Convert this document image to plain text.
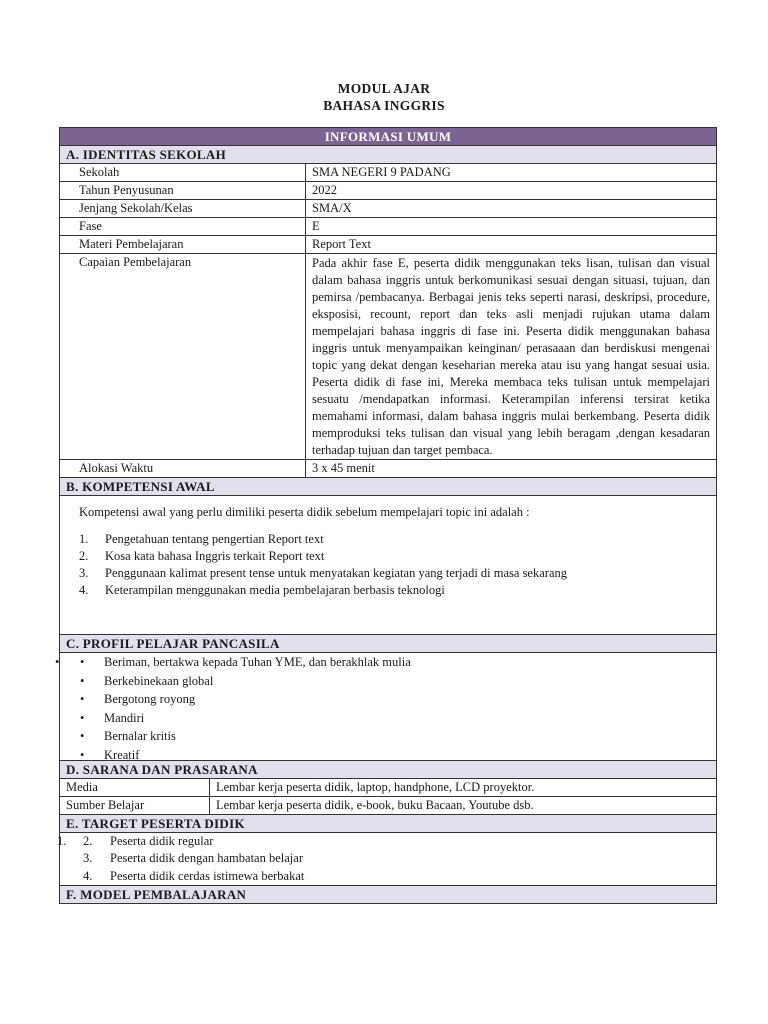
MODUL AJAR
BAHASA INGGRIS
INFORMASI UMUM
A. IDENTITAS SEKOLAH
Sekolah	SMA NEGERI 9 PADANG
Tahun Penyusunan	2022
Jenjang Sekolah/Kelas	SMA/X
Fase	E
Materi Pembelajaran	Report Text
Capaian Pembelajaran	Pada akhir fase E, peserta didik menggunakan teks lisan, tulisan dan visual dalam bahasa inggris untuk berkomunikasi sesuai dengan situasi, tujuan, dan pemirsa /pembacanya. Berbagai jenis teks seperti narasi, deskripsi, procedure, eksposisi, recount, report dan teks asli menjadi rujukan utama dalam mempelajari bahasa inggris di fase ini. Peserta didik menggunakan bahasa inggris untuk menyampaikan keinginan/ perasaaan dan berdiskusi mengenai topic yang dekat dengan keseharian mereka atau isu yang hangat sesuai usia. Peserta didik di fase ini, Mereka membaca teks tulisan untuk mempelajari sesuatu /mendapatkan informasi. Keterampilan inferensi tersirat ketika memahami informasi, dalam bahasa inggris mulai berkembang. Peserta didik memproduksi teks tulisan dan visual yang lebih beragam ,dengan kesadaran terhadap tujuan dan target pembaca.
Alokasi Waktu	3 x 45 menit
B. KOMPETENSI AWAL

Kompetensi awal yang perlu dimiliki peserta didik sebelum mempelajari topic ini adalah :

1.	Pengetahuan tentang pengertian Report text
2.	Kosa kata bahasa Inggris terkait Report text
3.	Penggunaan kalimat present tense untuk menyatakan kegiatan yang terjadi di masa sekarang
4.	Keterampilan menggunakan media pembelajaran berbasis teknologi
C. PROFIL PELAJAR PANCASILA
• •	Beriman, bertakwa kepada Tuhan YME, dan berakhlak mulia
•	Berkebinekaan global
•	Bergotong royong
•	Mandiri
•	Bernalar kritis
•	Kreatif
D. SARANA DAN PRASARANA
Media	Lembar kerja peserta didik, laptop, handphone, LCD proyektor.
Sumber Belajar	Lembar kerja peserta didik, e-book, buku Bacaan, Youtube dsb.
E. TARGET PESERTA DIDIK
1. 2.	Peserta didik regular
3.	Peserta didik dengan hambatan belajar
4.	Peserta didik cerdas istimewa berbakat
F. MODEL PEMBALAJARAN
